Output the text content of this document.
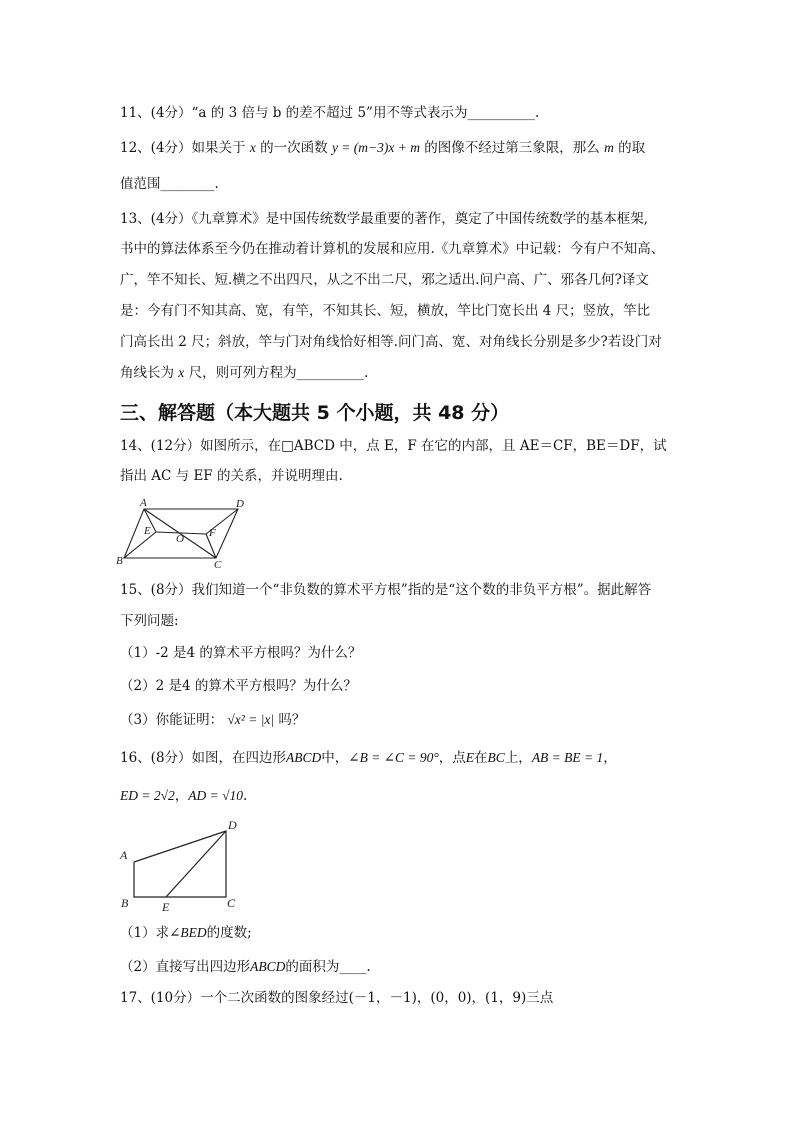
11、(4分）“a 的 3 倍与 b 的差不超过 5”用不等式表示为__________.
12、(4分）如果关于 x 的一次函数 y = (m−3)x + m 的图像不经过第三象限，那么 m 的取
值范围________.
13、(4分）《九章算术》是中国传统数学最重要的著作，奠定了中国传统数学的基本框架,
书中的算法体系至今仍在推动着计算机的发展和应用.《九章算术》中记载：今有户不知高、
广，竿不知长、短.横之不出四尺，从之不出二尺，邪之适出.问户高、广、邪各几何?译文
是：今有门不知其高、宽，有竿，不知其长、短，横放，竿比门宽长出 4 尺；竖放，竿比
门高长出 2 尺；斜放，竿与门对角线恰好相等.问门高、宽、对角线长分别是多少?若设门对
角线长为 x 尺，则可列方程为__________.
三、解答题（本大题共 5 个小题，共 48 分）
14、(12分）如图所示，在□ABCD 中，点 E，F 在它的内部，且 AE＝CF，BE＝DF，试
指出 AC 与 EF 的关系，并说明理由.
A	D
B	C
E	F
O
15、(8分）我们知道一个“非负数的算术平方根”指的是“这个数的非负平方根”。据此解答
下列问题:
（1）-2 是4 的算术平方根吗？为什么？
（2）2 是4 的算术平方根吗？为什么？
（3）你能证明： √x² = |x| 吗？
16、(8分）如图，在四边形ABCD中，∠B = ∠C = 90°，点E在BC上，AB = BE = 1，
ED = 2√2，AD = √10.
A
B	E	C
D
（1）求∠BED的度数;
（2）直接写出四边形ABCD的面积为____.
17、(10分）一个二次函数的图象经过(－1，－1)，(0，0)，(1，9)三点
